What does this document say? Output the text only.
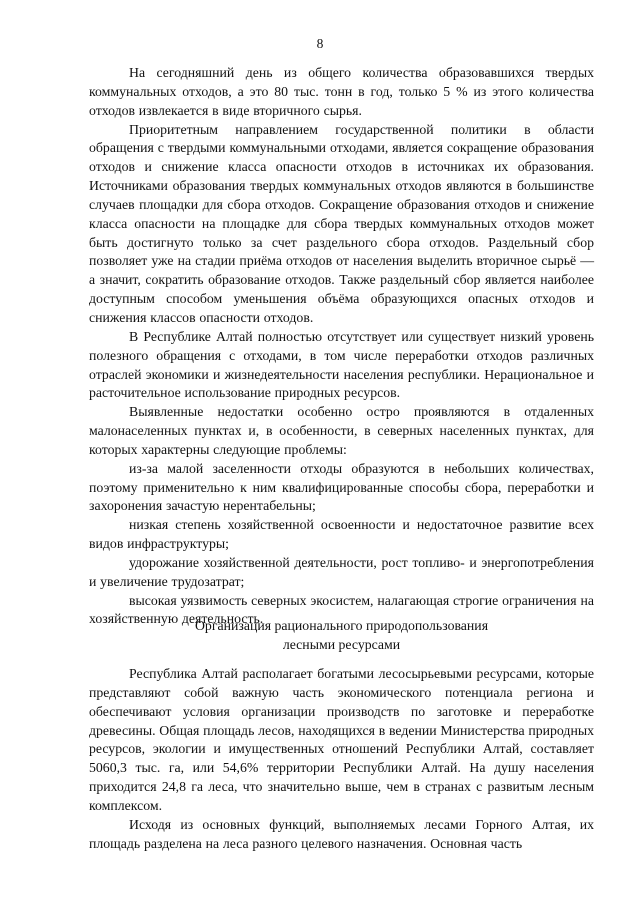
8

На сегодняшний день из общего количества образовавшихся твердых коммунальных отходов, а это 80 тыс. тонн в год, только 5 % из этого количества отходов извлекается в виде вторичного сырья.

Приоритетным направлением государственной политики в области обращения с твердыми коммунальными отходами, является сокращение образования отходов и снижение класса опасности отходов в источниках их образования. Источниками образования твердых коммунальных отходов являются в большинстве случаев площадки для сбора отходов. Сокращение образования отходов и снижение класса опасности на площадке для сбора твердых коммунальных отходов может быть достигнуто только за счет раздельного сбора отходов. Раздельный сбор позволяет уже на стадии приёма отходов от населения выделить вторичное сырьё — а значит, сократить образование отходов. Также раздельный сбор является наиболее доступным способом уменьшения объёма образующихся опасных отходов и снижения классов опасности отходов.

В Республике Алтай полностью отсутствует или существует низкий уровень полезного обращения с отходами, в том числе переработки отходов различных отраслей экономики и жизнедеятельности населения республики. Нерациональное и расточительное использование природных ресурсов.

Выявленные недостатки особенно остро проявляются в отдаленных малонаселенных пунктах и, в особенности, в северных населенных пунктах, для которых характерны следующие проблемы:

из-за малой заселенности отходы образуются в небольших количествах, поэтому применительно к ним квалифицированные способы сбора, переработки и захоронения зачастую нерентабельны;

низкая степень хозяйственной освоенности и недостаточное развитие всех видов инфраструктуры;

удорожание хозяйственной деятельности, рост топливо- и энергопотребления и увеличение трудозатрат;

высокая уязвимость северных экосистем, налагающая строгие ограничения на хозяйственную деятельность.

Организация рационального природопользования
лесными ресурсами

Республика Алтай располагает богатыми лесосырьевыми ресурсами, которые представляют собой важную часть экономического потенциала региона и обеспечивают условия организации производств по заготовке и переработке древесины. Общая площадь лесов, находящихся в ведении Министерства природных ресурсов, экологии и имущественных отношений Республики Алтай, составляет 5060,3 тыс. га, или 54,6% территории Республики Алтай. На душу населения приходится 24,8 га леса, что значительно выше, чем в странах с развитым лесным комплексом.

Исходя из основных функций, выполняемых лесами Горного Алтая, их площадь разделена на леса разного целевого назначения. Основная часть
